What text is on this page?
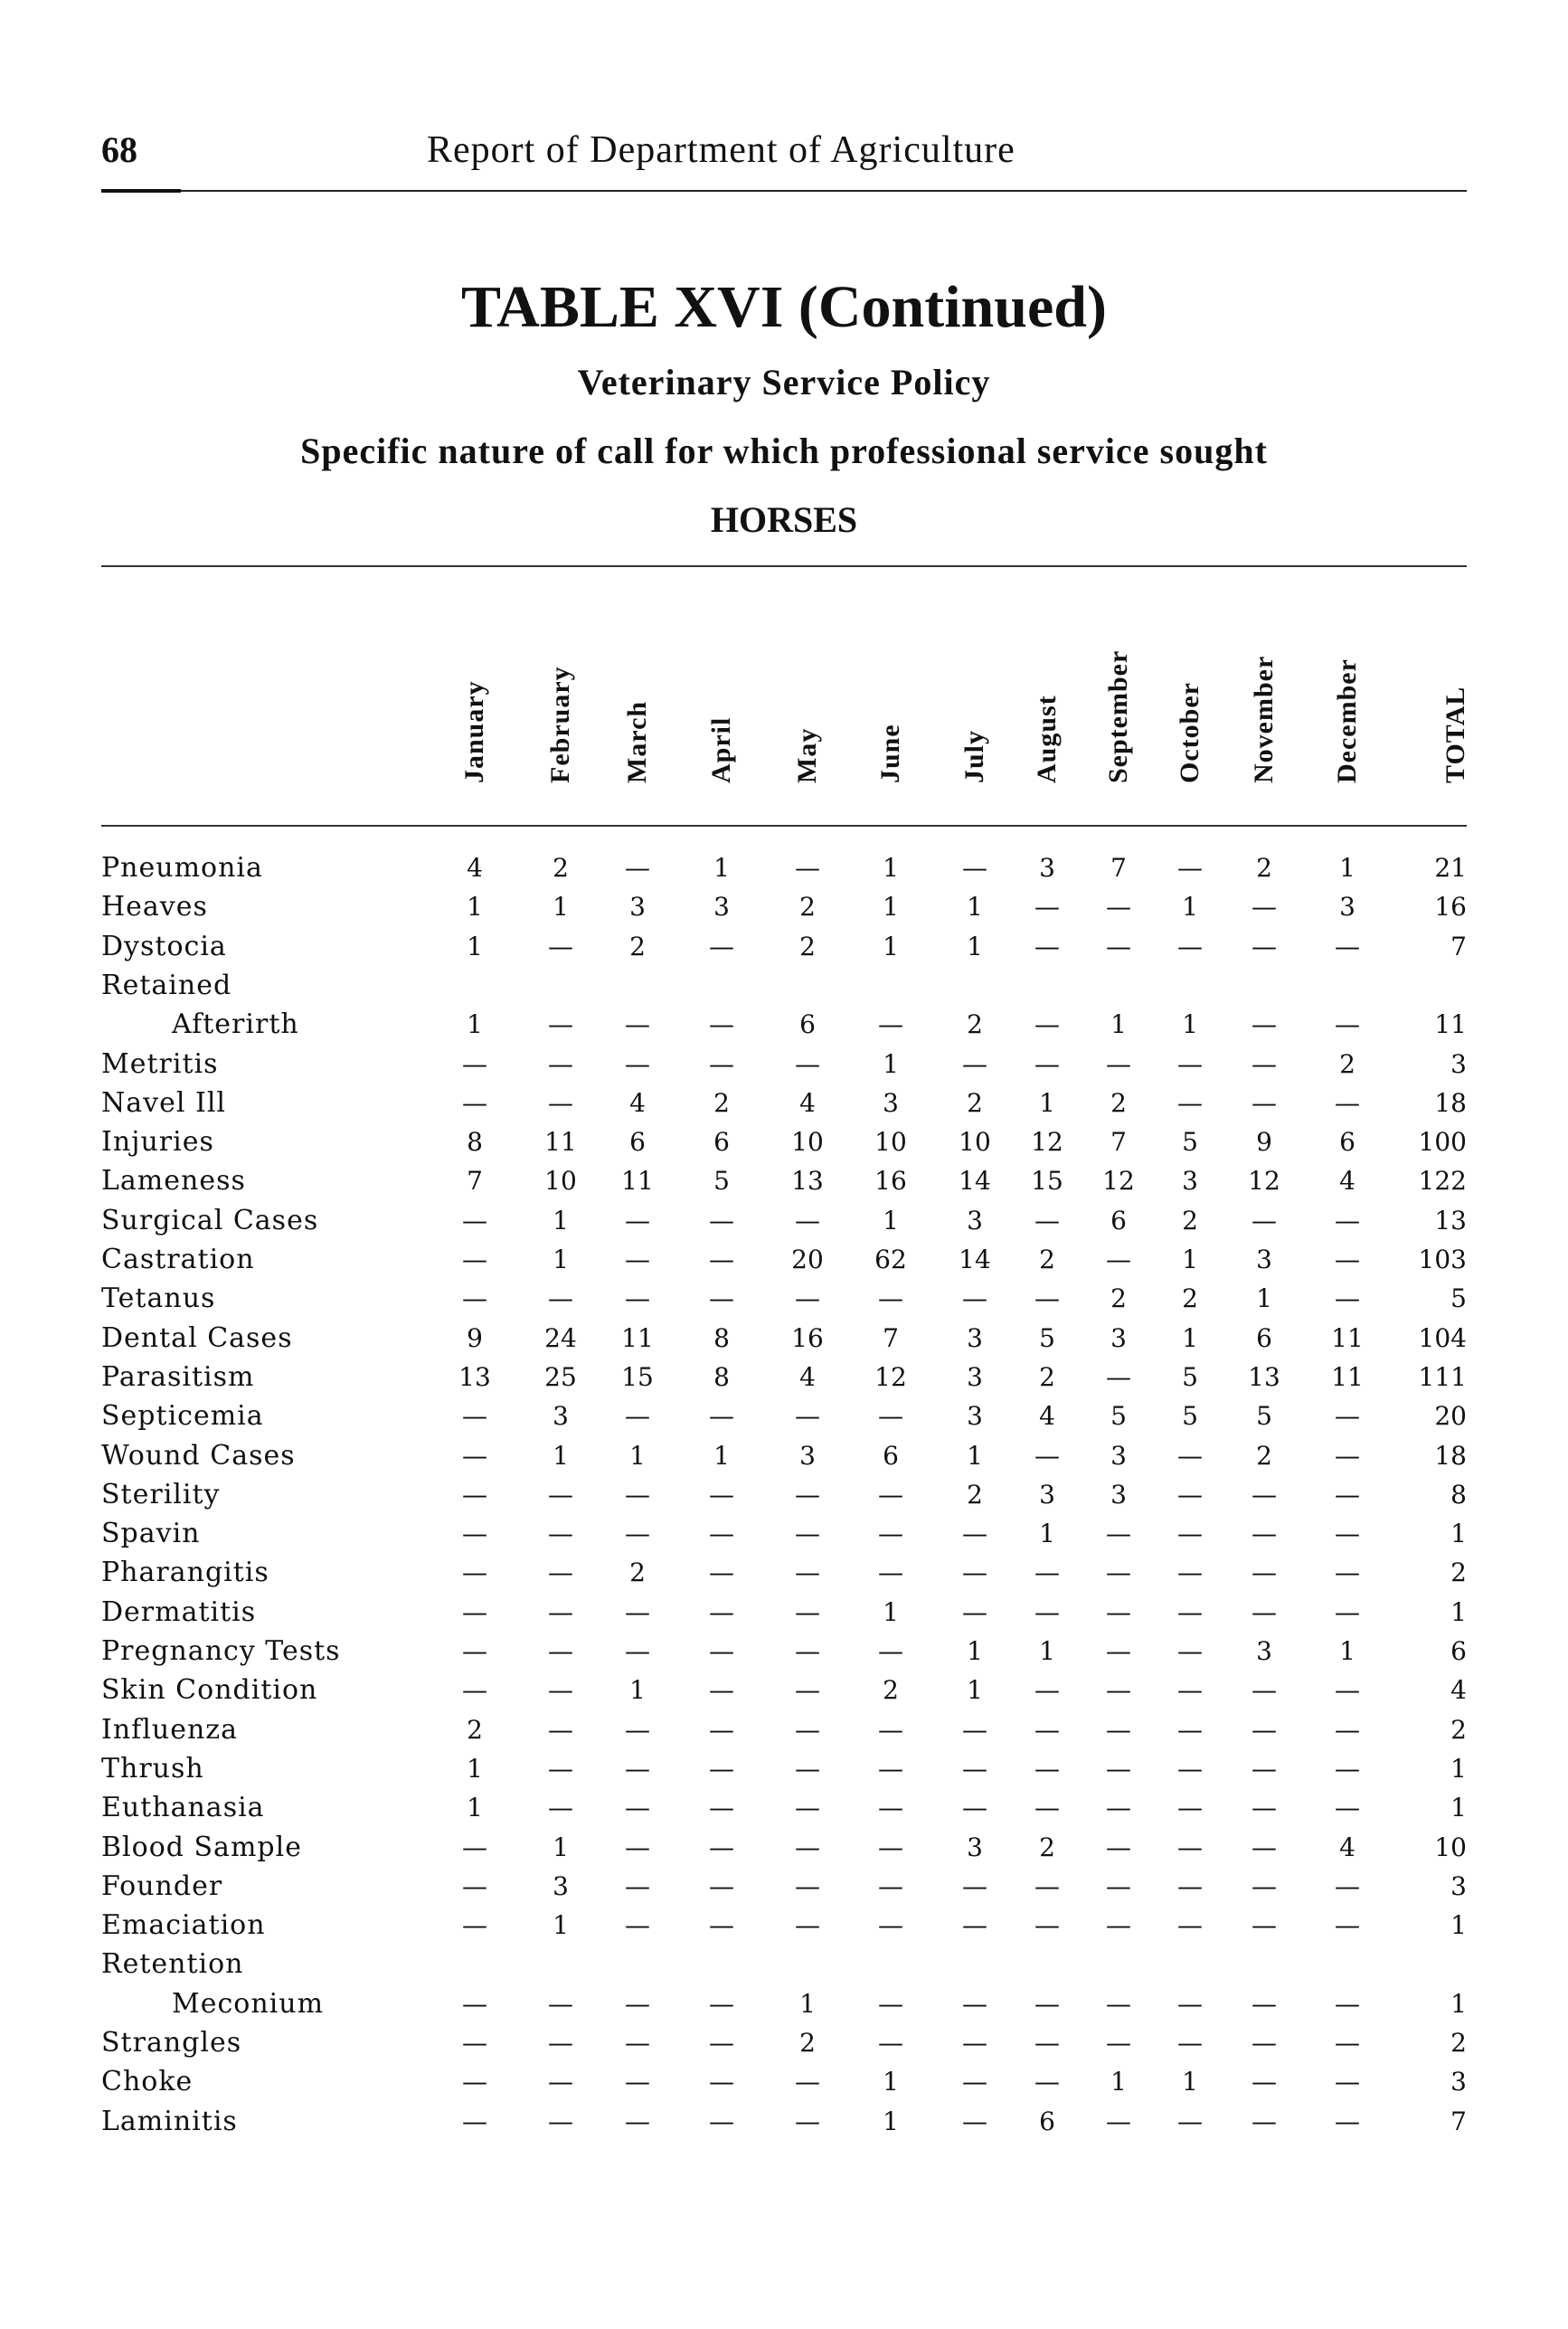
68	Report of Department of Agriculture
TABLE XVI (Continued)
Veterinary Service Policy
Specific nature of call for which professional service sought
HORSES
January February March April May June July August September October November December	TOTAL
Pneumonia	4	2	—	1	—	1	—	3	7	—	2	1	21
Heaves	1	1	3	3	2	1	1	—	—	1	—	3	16
Dystocia	1	—	2	—	2	1	1	—	—	—	—	—	7
Retained
Afterirth	1	—	—	—	6	—	2	—	1	1	—	—	11
Metritis	—	—	—	—	—	1	—	—	—	—	—	2	3
Navel Ill	—	—	4	2	4	3	2	1	2	—	—	—	18
Injuries	8	11	6	6	10	10	10	12	7	5	9	6	100
Lameness	7	10	11	5	13	16	14	15	12	3	12	4	122
Surgical Cases	—	1	—	—	—	1	3	—	6	2	—	—	13
Castration	—	1	—	—	20	62	14	2	—	1	3	—	103
Tetanus	—	—	—	—	—	—	—	—	2	2	1	—	5
Dental Cases	9	24	11	8	16	7	3	5	3	1	6	11	104
Parasitism	13	25	15	8	4	12	3	2	—	5	13	11	111
Septicemia	—	3	—	—	—	—	3	4	5	5	5	—	20
Wound Cases	—	1	1	1	3	6	1	—	3	—	2	—	18
Sterility	—	—	—	—	—	—	2	3	3	—	—	—	8
Spavin	—	—	—	—	—	—	—	1	—	—	—	—	1
Pharangitis	—	—	2	—	—	—	—	—	—	—	—	—	2
Dermatitis	—	—	—	—	—	1	—	—	—	—	—	—	1
Pregnancy Tests	—	—	—	—	—	—	1	1	—	—	3	1	6
Skin Condition	—	—	1	—	—	2	1	—	—	—	—	—	4
Influenza	2	—	—	—	—	—	—	—	—	—	—	—	2
Thrush	1	—	—	—	—	—	—	—	—	—	—	—	1
Euthanasia	1	—	—	—	—	—	—	—	—	—	—	—	1
Blood Sample	—	1	—	—	—	—	3	2	—	—	—	4	10
Founder	—	3	—	—	—	—	—	—	—	—	—	—	3
Emaciation	—	1	—	—	—	—	—	—	—	—	—	—	1
Retention
Meconium	—	—	—	—	1	—	—	—	—	—	—	—	1
Strangles	—	—	—	—	2	—	—	—	—	—	—	—	2
Choke	—	—	—	—	—	1	—	—	1	1	—	—	3
Laminitis	—	—	—	—	—	1	—	6	—	—	—	—	7
